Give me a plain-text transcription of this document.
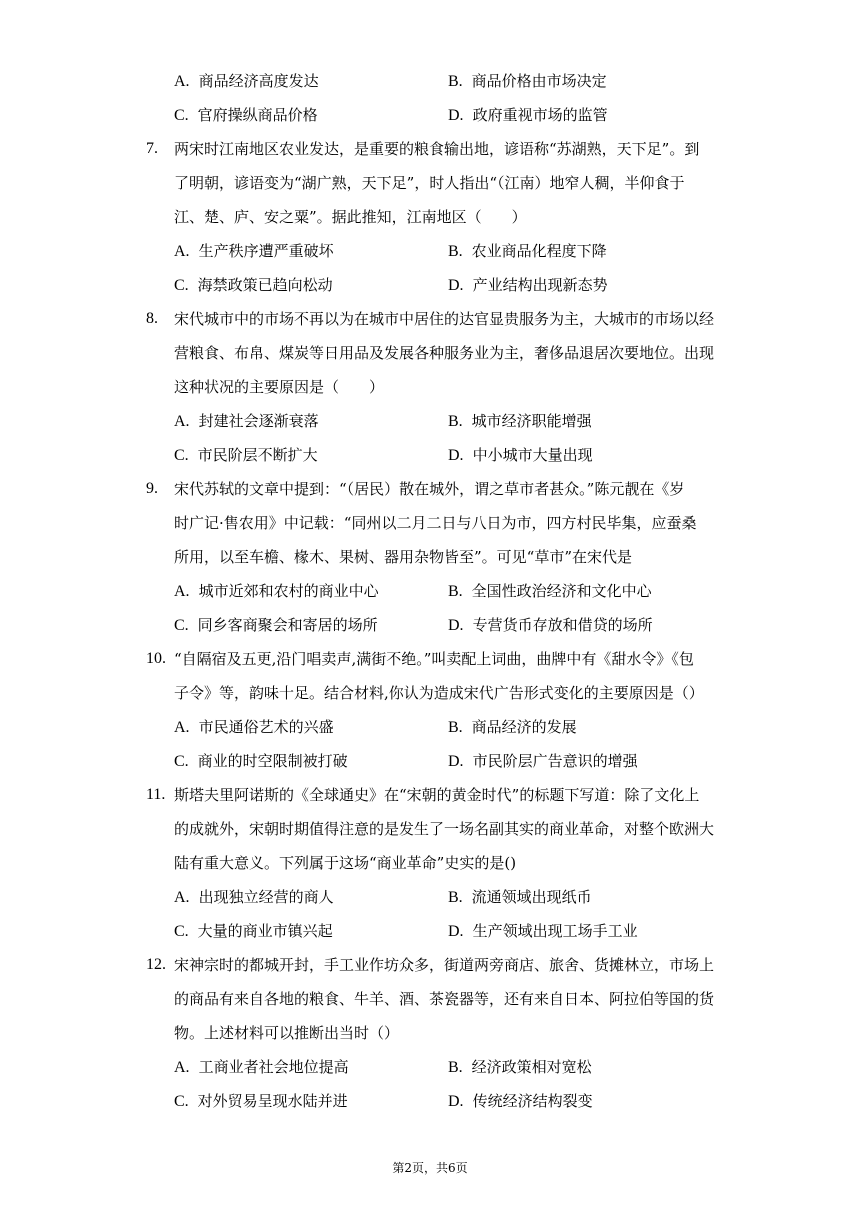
A. 商品经济高度发达	B. 商品价格由市场决定
C. 官府操纵商品价格	D. 政府重视市场的监管
7. 两宋时江南地区农业发达，是重要的粮食输出地，谚语称“苏湖熟，天下足”。到
了明朝，谚语变为“湖广熟，天下足”，时人指出“（江南）地窄人稠，半仰食于
江、楚、庐、安之粟”。据此推知，江南地区（　　）
A. 生产秩序遭严重破坏	B. 农业商品化程度下降
C. 海禁政策已趋向松动	D. 产业结构出现新态势
8. 宋代城市中的市场不再以为在城市中居住的达官显贵服务为主，大城市的市场以经
营粮食、布帛、煤炭等日用品及发展各种服务业为主，奢侈品退居次要地位。出现
这种状况的主要原因是（　　）
A. 封建社会逐渐衰落	B. 城市经济职能增强
C. 市民阶层不断扩大	D. 中小城市大量出现
9. 宋代苏轼的文章中提到：“（居民）散在城外，谓之草市者甚众。”陈元靓在《岁
时广记·售农用》中记载：“同州以二月二日与八日为市，四方村民毕集，应蚕桑
所用，以至车檐、椽木、果树、器用杂物皆至”。可见“草市”在宋代是
A. 城市近郊和农村的商业中心	B. 全国性政治经济和文化中心
C. 同乡客商聚会和寄居的场所	D. 专营货币存放和借贷的场所
10. “自隔宿及五更,沿门唱卖声,满街不绝。”叫卖配上词曲，曲牌中有《甜水令》《包
子令》等，韵味十足。结合材料,你认为造成宋代广告形式变化的主要原因是（）
A. 市民通俗艺术的兴盛	B. 商品经济的发展
C. 商业的时空限制被打破	D. 市民阶层广告意识的增强
11. 斯塔夫里阿诺斯的《全球通史》在“宋朝的黄金时代”的标题下写道：除了文化上
的成就外，宋朝时期值得注意的是发生了一场名副其实的商业革命，对整个欧洲大
陆有重大意义。下列属于这场“商业革命”史实的是()
A. 出现独立经营的商人	B. 流通领域出现纸币
C. 大量的商业市镇兴起	D. 生产领域出现工场手工业
12. 宋神宗时的都城开封，手工业作坊众多，街道两旁商店、旅舍、货摊林立，市场上
的商品有来自各地的粮食、牛羊、酒、茶瓷器等，还有来自日本、阿拉伯等国的货
物。上述材料可以推断出当时（）
A. 工商业者社会地位提高	B. 经济政策相对宽松
C. 对外贸易呈现水陆并进	D. 传统经济结构裂变
第2页，共6页
